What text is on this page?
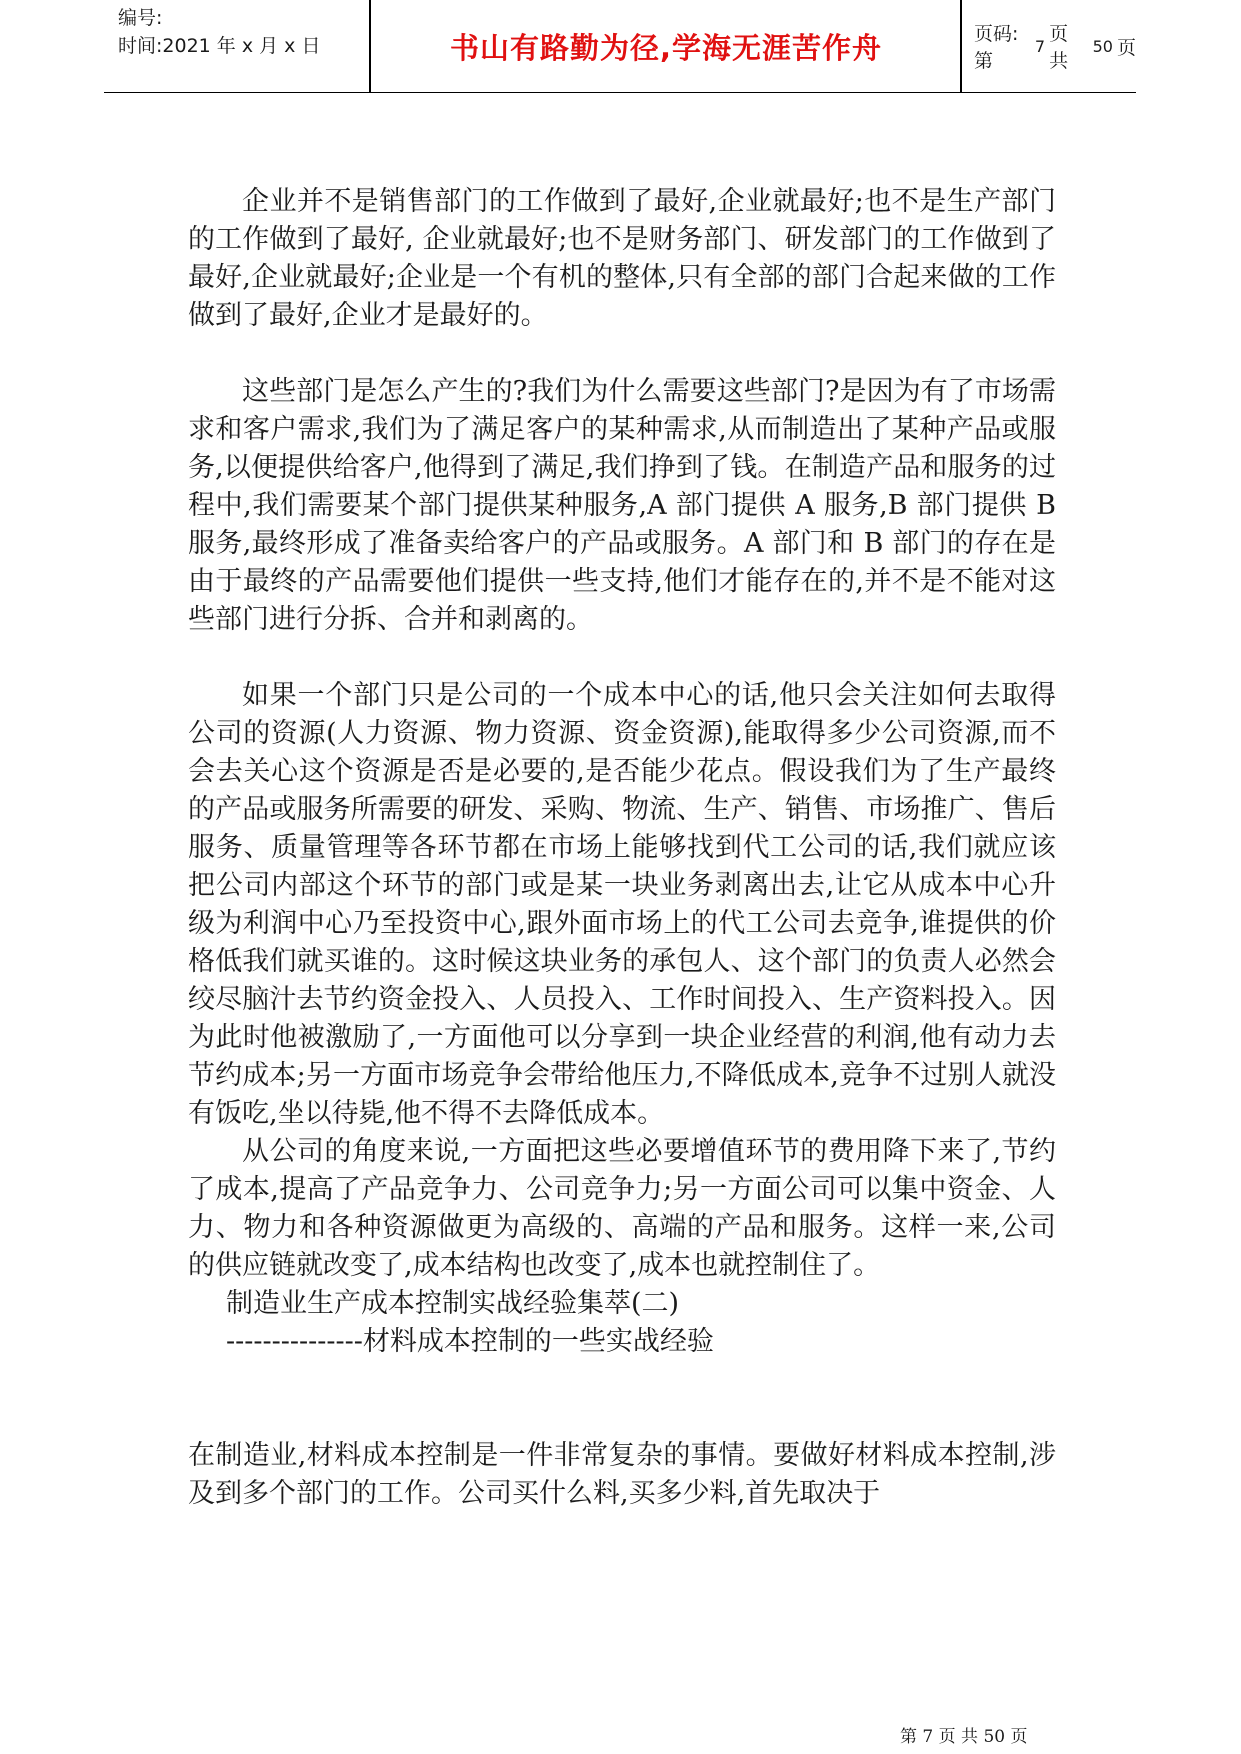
编号:
时间:2021 年 x 月 x 日	书山有路勤为径,学海无涯苦作舟	页码:第
7
页 共
50 页

企业并不是销售部门的工作做到了最好,企业就最好;也不是生产部门的工作做到了最好, 企业就最好;也不是财务部门、研发部门的工作做到了最好,企业就最好;企业是一个有机的整体,只有全部的部门合起来做的工作做到了最好,企业才是最好的。

这些部门是怎么产生的?我们为什么需要这些部门?是因为有了市场需求和客户需求,我们为了满足客户的某种需求,从而制造出了某种产品或服务,以便提供给客户,他得到了满足,我们挣到了钱。在制造产品和服务的过程中,我们需要某个部门提供某种服务,A 部门提供 A 服务,B 部门提供 B 服务,最终形成了准备卖给客户的产品或服务。A 部门和 B 部门的存在是由于最终的产品需要他们提供一些支持,他们才能存在的,并不是不能对这些部门进行分拆、合并和剥离的。

如果一个部门只是公司的一个成本中心的话,他只会关注如何去取得公司的资源(人力资源、物力资源、资金资源),能取得多少公司资源,而不会去关心这个资源是否是必要的,是否能少花点。假设我们为了生产最终的产品或服务所需要的研发、采购、物流、生产、销售、市场推广、售后服务、质量管理等各环节都在市场上能够找到代工公司的话,我们就应该把公司内部这个环节的部门或是某一块业务剥离出去,让它从成本中心升级为利润中心乃至投资中心,跟外面市场上的代工公司去竞争,谁提供的价格低我们就买谁的。这时候这块业务的承包人、这个部门的负责人必然会绞尽脑汁去节约资金投入、人员投入、工作时间投入、生产资料投入。因为此时他被激励了,一方面他可以分享到一块企业经营的利润,他有动力去节约成本;另一方面市场竞争会带给他压力,不降低成本,竞争不过别人就没有饭吃,坐以待毙,他不得不去降低成本。

从公司的角度来说,一方面把这些必要增值环节的费用降下来了,节约了成本,提高了产品竞争力、公司竞争力;另一方面公司可以集中资金、人力、物力和各种资源做更为高级的、高端的产品和服务。这样一来,公司的供应链就改变了,成本结构也改变了,成本也就控制住了。

制造业生产成本控制实战经验集萃(二)

---------------材料成本控制的一些实战经验

在制造业,材料成本控制是一件非常复杂的事情。要做好材料成本控制,涉及到多个部门的工作。公司买什么料,买多少料,首先取决于

第 7 页 共 50 页
